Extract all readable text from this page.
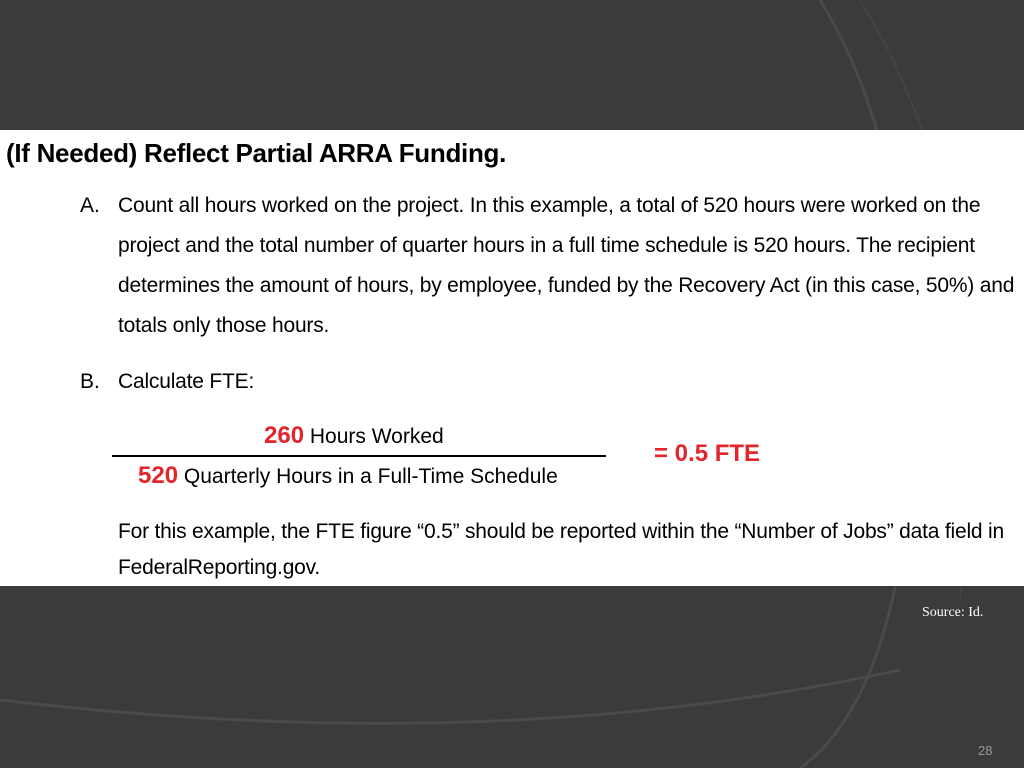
(If Needed) Reflect Partial ARRA Funding.
A. Count all hours worked on the project. In this example, a total of 520 hours were worked on the project and the total number of quarter hours in a full time schedule is 520 hours. The recipient determines the amount of hours, by employee, funded by the Recovery Act (in this case, 50%) and totals only those hours.
B. Calculate FTE:
260 Hours Worked
520 Quarterly Hours in a Full-Time Schedule
= 0.5 FTE
For this example, the FTE figure “0.5” should be reported within the “Number of Jobs” data field in FederalReporting.gov.
Source: Id.
28
